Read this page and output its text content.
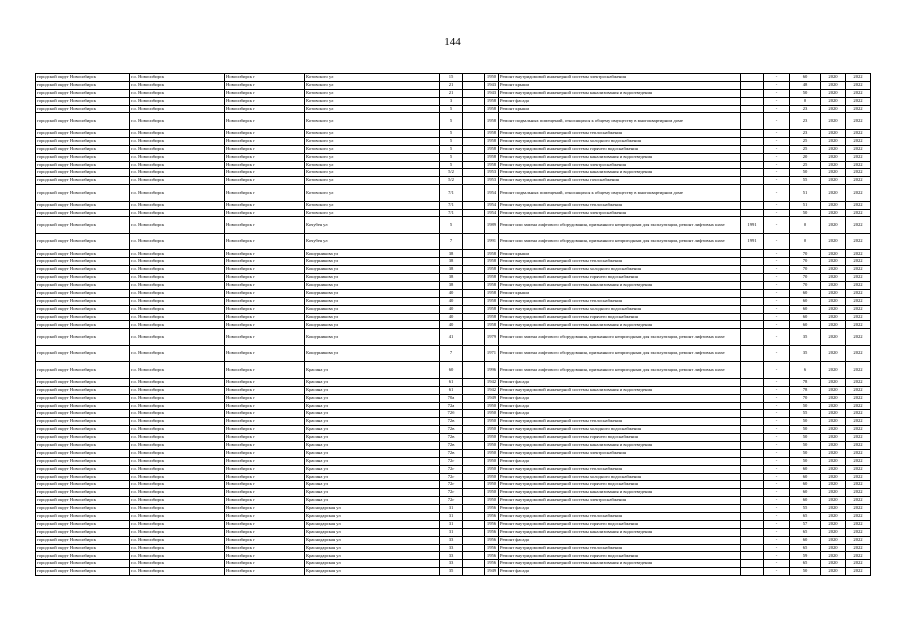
144
городской округ Новосибирск	г.о. Новосибирск	Новосибирск г	Котовского ул	15		1950	Ремонт внутридомовой инженерной системы электроснабжения		-	60	2020	2022
городской округ Новосибирск	г.о. Новосибирск	Новосибирск г	Котовского ул	21		1943	Ремонт крыши		-	48	2020	2022
городской округ Новосибирск	г.о. Новосибирск	Новосибирск г	Котовского ул	21		1943	Ремонт внутридомовой инженерной системы канализования и водоотведения		-	50	2020	2022
городской округ Новосибирск	г.о. Новосибирск	Новосибирск г	Котовского ул	3		1958	Ремонт фасада		-	0	2020	2022
городской округ Новосибирск	г.о. Новосибирск	Новосибирск г	Котовского ул	5		1958	Ремонт крыши		-	23	2020	2022
городской округ Новосибирск	г.о. Новосибирск	Новосибирск г	Котовского ул	5		1958	Ремонт подвальных помещений, относящихся к общему имуществу в многоквартирном доме		-	23	2020	2022
городской округ Новосибирск	г.о. Новосибирск	Новосибирск г	Котовского ул	5		1958	Ремонт внутридомовой инженерной системы теплоснабжения		-	23	2020	2022
городской округ Новосибирск	г.о. Новосибирск	Новосибирск г	Котовского ул	5		1958	Ремонт внутридомовой инженерной системы холодного водоснабжения		-	25	2020	2022
городской округ Новосибирск	г.о. Новосибирск	Новосибирск г	Котовского ул	5		1958	Ремонт внутридомовой инженерной системы горячего водоснабжения		-	25	2020	2022
городской округ Новосибирск	г.о. Новосибирск	Новосибирск г	Котовского ул	5		1958	Ремонт внутридомовой инженерной системы канализования и водоотведения		-	20	2020	2022
городской округ Новосибирск	г.о. Новосибирск	Новосибирск г	Котовского ул	5		1958	Ремонт внутридомовой инженерной системы электроснабжения		-	25	2020	2022
городской округ Новосибирск	г.о. Новосибирск	Новосибирск г	Котовского ул	5/2		1953	Ремонт внутридомовой инженерной системы канализования и водоотведения		-	50	2020	2022
городской округ Новосибирск	г.о. Новосибирск	Новосибирск г	Котовского ул	5/2		1953	Ремонт внутридомовой инженерной системы газоснабжения		-	55	2020	2022
городской округ Новосибирск	г.о. Новосибирск	Новосибирск г	Котовского ул	7/1		1954	Ремонт подвальных помещений, относящихся к общему имуществу в многоквартирном доме		-	51	2020	2022
городской округ Новосибирск	г.о. Новосибирск	Новосибирск г	Котовского ул	7/1		1954	Ремонт внутридомовой инженерной системы теплоснабжения		-	51	2020	2022
городской округ Новосибирск	г.о. Новосибирск	Новосибирск г	Котовского ул	7/1		1954	Ремонт внутридомовой инженерной системы электроснабжения		-	50	2020	2022
городской округ Новосибирск	г.о. Новосибирск	Новосибирск г	Кочубея ул	5		1989	Ремонт или замена лифтового оборудования, признанного непригодным для эксплуатации, ремонт лифтовых шахт	1991	-	0	2020	2022
городской округ Новосибирск	г.о. Новосибирск	Новосибирск г	Кочубея ул	7		1991	Ремонт или замена лифтового оборудования, признанного непригодным для эксплуатации, ремонт лифтовых шахт	1991	-	0	2020	2022
городской округ Новосибирск	г.о. Новосибирск	Новосибирск г	Кошурникова ул	38		1958	Ремонт крыши		-	70	2020	2022
городской округ Новосибирск	г.о. Новосибирск	Новосибирск г	Кошурникова ул	38		1958	Ремонт внутридомовой инженерной системы теплоснабжения		-	70	2020	2022
городской округ Новосибирск	г.о. Новосибирск	Новосибирск г	Кошурникова ул	38		1958	Ремонт внутридомовой инженерной системы холодного водоснабжения		-	70	2020	2022
городской округ Новосибирск	г.о. Новосибирск	Новосибирск г	Кошурникова ул	38		1958	Ремонт внутридомовой инженерной системы горячего водоснабжения		-	70	2020	2022
городской округ Новосибирск	г.о. Новосибирск	Новосибирск г	Кошурникова ул	38		1958	Ремонт внутридомовой инженерной системы канализования и водоотведения		-	70	2020	2022
городской округ Новосибирск	г.о. Новосибирск	Новосибирск г	Кошурникова ул	40		1958	Ремонт крыши		-	60	2020	2022
городской округ Новосибирск	г.о. Новосибирск	Новосибирск г	Кошурникова ул	40		1958	Ремонт внутридомовой инженерной системы теплоснабжения		-	60	2020	2022
городской округ Новосибирск	г.о. Новосибирск	Новосибирск г	Кошурникова ул	40		1958	Ремонт внутридомовой инженерной системы холодного водоснабжения		-	60	2020	2022
городской округ Новосибирск	г.о. Новосибирск	Новосибирск г	Кошурникова ул	40		1958	Ремонт внутридомовой инженерной системы горячего водоснабжения		-	60	2020	2022
городской округ Новосибирск	г.о. Новосибирск	Новосибирск г	Кошурникова ул	40		1958	Ремонт внутридомовой инженерной системы канализования и водоотведения		-	60	2020	2022
городской округ Новосибирск	г.о. Новосибирск	Новосибирск г	Кошурникова ул	41		1979	Ремонт или замена лифтового оборудования, признанного непригодным для эксплуатации, ремонт лифтовых шахт		-	35	2020	2022
городской округ Новосибирск	г.о. Новосибирск	Новосибирск г	Кошурникова ул	7		1971	Ремонт или замена лифтового оборудования, признанного непригодным для эксплуатации, ремонт лифтовых шахт		-	35	2020	2022
городской округ Новосибирск	г.о. Новосибирск	Новосибирск г	Красина ул	60		1996	Ремонт или замена лифтового оборудования, признанного непригодным для эксплуатации, ремонт лифтовых шахт		-	6	2020	2022
городской округ Новосибирск	г.о. Новосибирск	Новосибирск г	Красина ул	61		1942	Ремонт фасада		-	78	2020	2022
городской округ Новосибирск	г.о. Новосибирск	Новосибирск г	Красина ул	61		1942	Ремонт внутридомовой инженерной системы канализования и водоотведения		-	78	2020	2022
городской округ Новосибирск	г.о. Новосибирск	Новосибирск г	Красина ул	70а		1949	Ремонт фасада		-	70	2020	2022
городской округ Новосибирск	г.о. Новосибирск	Новосибирск г	Красина ул	72а		1950	Ремонт фасада		-	50	2020	2022
городской округ Новосибирск	г.о. Новосибирск	Новосибирск г	Красина ул	72б		1950	Ремонт фасада		-	55	2020	2022
городской округ Новосибирск	г.о. Новосибирск	Новосибирск г	Красина ул	72в		1950	Ремонт внутридомовой инженерной системы теплоснабжения		-	50	2020	2022
городской округ Новосибирск	г.о. Новосибирск	Новосибирск г	Красина ул	72в		1950	Ремонт внутридомовой инженерной системы холодного водоснабжения		-	50	2020	2022
городской округ Новосибирск	г.о. Новосибирск	Новосибирск г	Красина ул	72в		1950	Ремонт внутридомовой инженерной системы горячего водоснабжения		-	50	2020	2022
городской округ Новосибирск	г.о. Новосибирск	Новосибирск г	Красина ул	72в		1950	Ремонт внутридомовой инженерной системы канализования и водоотведения		-	50	2020	2022
городской округ Новосибирск	г.о. Новосибирск	Новосибирск г	Красина ул	72в		1950	Ремонт внутридомовой инженерной системы электроснабжения		-	50	2020	2022
городской округ Новосибирск	г.о. Новосибирск	Новосибирск г	Красина ул	72г		1950	Ремонт фасада		-	50	2020	2022
городской округ Новосибирск	г.о. Новосибирск	Новосибирск г	Красина ул	72г		1950	Ремонт внутридомовой инженерной системы теплоснабжения		-	60	2020	2022
городской округ Новосибирск	г.о. Новосибирск	Новосибирск г	Красина ул	72г		1950	Ремонт внутридомовой инженерной системы холодного водоснабжения		-	60	2020	2022
городской округ Новосибирск	г.о. Новосибирск	Новосибирск г	Красина ул	72г		1950	Ремонт внутридомовой инженерной системы горячего водоснабжения		-	60	2020	2022
городской округ Новосибирск	г.о. Новосибирск	Новосибирск г	Красина ул	72г		1950	Ремонт внутридомовой инженерной системы канализования и водоотведения		-	60	2020	2022
городской округ Новосибирск	г.о. Новосибирск	Новосибирск г	Красина ул	72г		1950	Ремонт внутридомовой инженерной системы электроснабжения		-	60	2020	2022
городской округ Новосибирск	г.о. Новосибирск	Новосибирск г	Краснодарская ул	31		1956	Ремонт фасада		-	55	2020	2022
городской округ Новосибирск	г.о. Новосибирск	Новосибирск г	Краснодарская ул	31		1956	Ремонт внутридомовой инженерной системы теплоснабжения		-	65	2020	2022
городской округ Новосибирск	г.о. Новосибирск	Новосибирск г	Краснодарская ул	31		1956	Ремонт внутридомовой инженерной системы горячего водоснабжения		-	57	2020	2022
городской округ Новосибирск	г.о. Новосибирск	Новосибирск г	Краснодарская ул	31		1956	Ремонт внутридомовой инженерной системы канализования и водоотведения		-	65	2020	2022
городской округ Новосибирск	г.о. Новосибирск	Новосибирск г	Краснодарская ул	33		1956	Ремонт фасада		-	60	2020	2022
городской округ Новосибирск	г.о. Новосибирск	Новосибирск г	Краснодарская ул	33		1956	Ремонт внутридомовой инженерной системы теплоснабжения		-	65	2020	2022
городской округ Новосибирск	г.о. Новосибирск	Новосибирск г	Краснодарская ул	33		1956	Ремонт внутридомовой инженерной системы горячего водоснабжения		-	59	2020	2022
городской округ Новосибирск	г.о. Новосибирск	Новосибирск г	Краснодарская ул	33		1956	Ремонт внутридомовой инженерной системы канализования и водоотведения		-	65	2020	2022
городской округ Новосибирск	г.о. Новосибирск	Новосибирск г	Краснодарская ул	35		1949	Ремонт фасада		-	50	2020	2022
